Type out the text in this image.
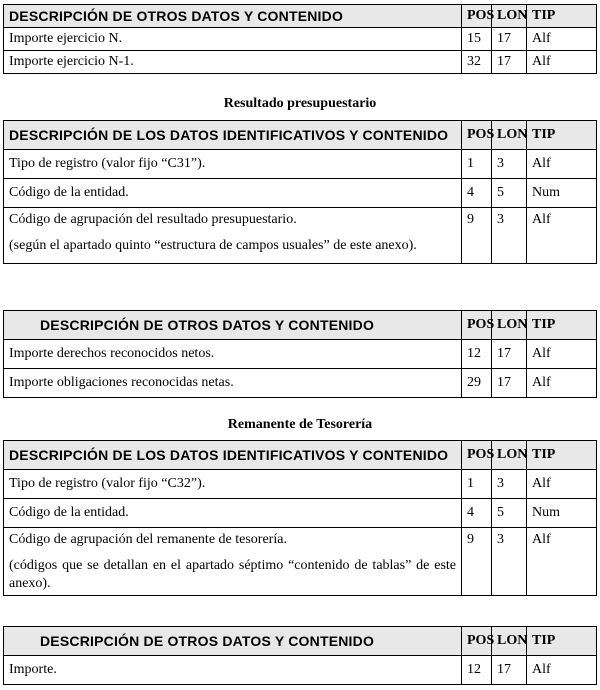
DESCRIPCIÓN DE OTROS DATOS Y CONTENIDO	POS	LON	TIP
Importe ejercicio N.	15	17	Alf
Importe ejercicio N-1.	32	17	Alf
Resultado presupuestario
DESCRIPCIÓN DE LOS DATOS IDENTIFICATIVOS Y CONTENIDO	POS	LON	TIP
Tipo de registro (valor fijo “C31”).	1	3	Alf
Código de la entidad.	4	5	Num

Código de agrupación del resultado presupuestario.

(según el apartado quinto “estructura de campos usuales” de este anexo).	9	3	Alf
DESCRIPCIÓN DE OTROS DATOS Y CONTENIDO	POS	LON	TIP
Importe derechos reconocidos netos.	12	17	Alf
Importe obligaciones reconocidas netas.	29	17	Alf
Remanente de Tesorería
DESCRIPCIÓN DE LOS DATOS IDENTIFICATIVOS Y CONTENIDO	POS	LON	TIP
Tipo de registro (valor fijo “C32”).	1	3	Alf
Código de la entidad.	4	5	Num

Código de agrupación del remanente de tesorería.

(códigos que se detallan en el apartado séptimo “contenido de tablas” de este anexo).	9	3	Alf
DESCRIPCIÓN DE OTROS DATOS Y CONTENIDO	POS	LON	TIP
Importe.	12	17	Alf
